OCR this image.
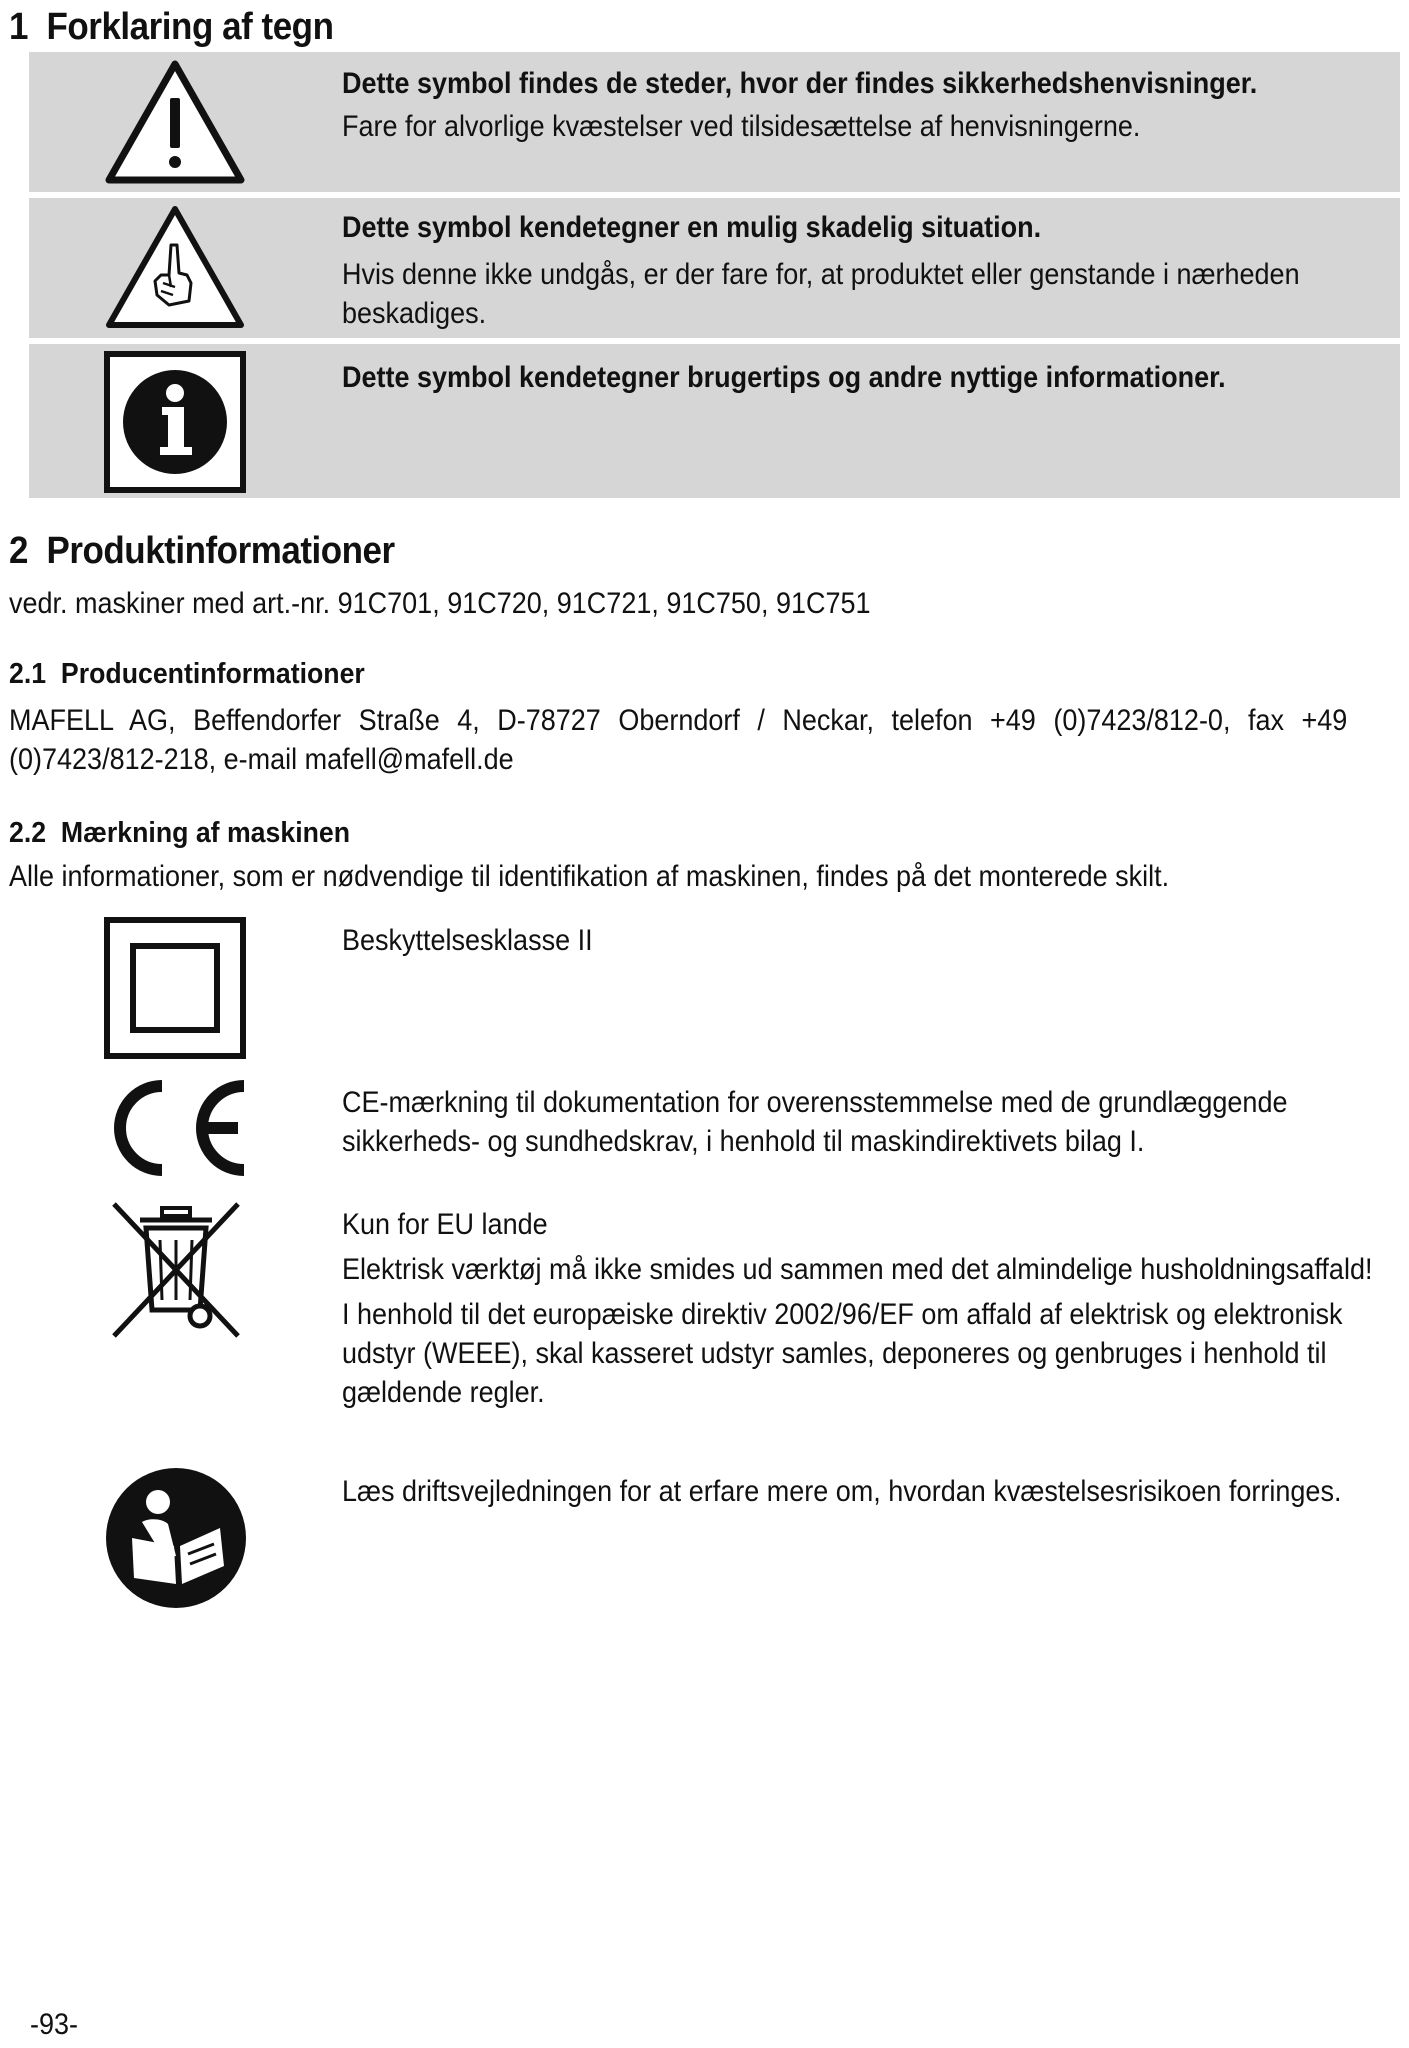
1 Forklaring af tegn
Dette symbol findes de steder, hvor der findes sikkerhedshenvisninger.
Fare for alvorlige kvæstelser ved tilsidesættelse af henvisningerne.
Dette symbol kendetegner en mulig skadelig situation.
Hvis denne ikke undgås, er der fare for, at produktet eller genstande i nærheden beskadiges.
Dette symbol kendetegner brugertips og andre nyttige informationer.
2 Produktinformationer
vedr. maskiner med art.-nr. 91C701, 91C720, 91C721, 91C750, 91C751
2.1 Producentinformationer
MAFELL AG, Beffendorfer Straße 4, D-78727 Oberndorf / Neckar, telefon +49 (0)7423/812-0, fax +49 (0)7423/812-218, e-mail mafell@mafell.de
2.2 Mærkning af maskinen
Alle informationer, som er nødvendige til identifikation af maskinen, findes på det monterede skilt.
Beskyttelsesklasse II
CE-mærkning til dokumentation for overensstemmelse med de grundlæggende sikkerheds- og sundhedskrav, i henhold til maskindirektivets bilag I.
Kun for EU lande
Elektrisk værktøj må ikke smides ud sammen med det almindelige husholdningsaffald!
I henhold til det europæiske direktiv 2002/96/EF om affald af elektrisk og elektronisk udstyr (WEEE), skal kasseret udstyr samles, deponeres og genbruges i henhold til gældende regler.
Læs driftsvejledningen for at erfare mere om, hvordan kvæstelsesrisikoen forringes.
-93-
